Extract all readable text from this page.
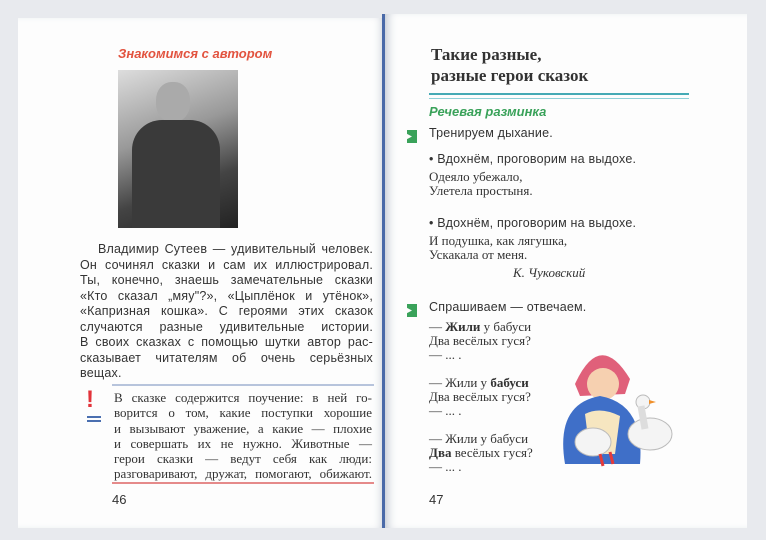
Знакомимся с автором
Владимир Сутеев — удивительный человек.
Он сочинял сказки и сам их иллюстрировал.
Ты, конечно, знаешь замечательные сказки
«Кто сказал „мяу"?», «Цыплёнок и утёнок»,
«Капризная кошка». С героями этих сказок
случаются разные удивительные истории.
В своих сказках с помощью шутки автор рас-
сказывает читателям об очень серьёзных
вещах.
! В сказке содержится поучение: в ней го-
ворится о том, какие поступки хорошие
и вызывают уважение, а какие — плохие
и совершать их не нужно. Животные —
герои сказки — ведут себя как люди:
разговаривают, дружат, помогают, обижают.
46
Такие разные,
разные герои сказок
Речевая разминка
Тренируем дыхание.
• Вдохнём, проговорим на выдохе.
Одеяло убежало,
Улетела простыня.
• Вдохнём, проговорим на выдохе.
И подушка, как лягушка,
Ускакала от меня.
К. Чуковский
Спрашиваем — отвечаем.
— Жили у бабуси
Два весёлых гуся?
— ... .
— Жили у бабуси
Два весёлых гуся?
— ... .
— Жили у бабуси
Два весёлых гуся?
— ... .
47
